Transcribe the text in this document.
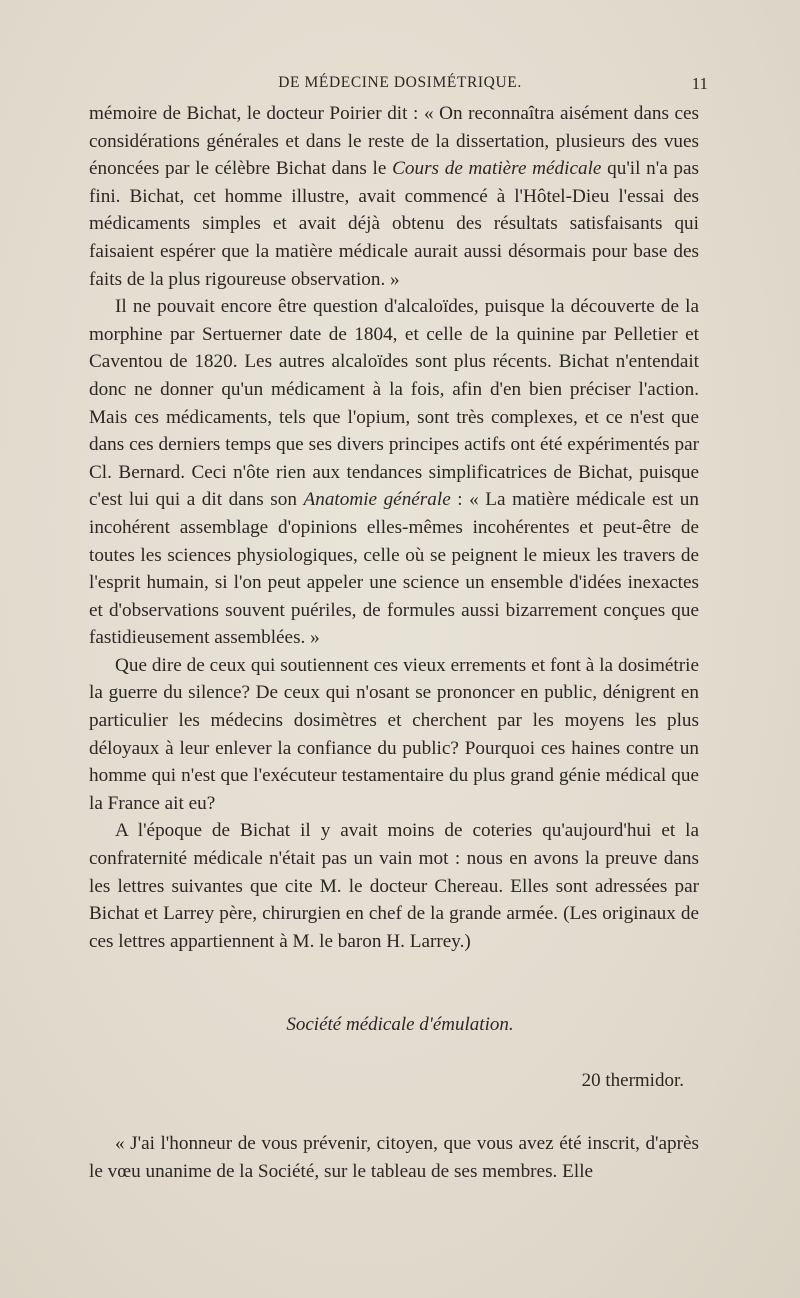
DE MÉDECINE DOSIMÉTRIQUE.	11

mémoire de Bichat, le docteur Poirier dit : « On reconnaîtra aisément dans ces considérations générales et dans le reste de la dissertation, plusieurs des vues énoncées par le célèbre Bichat dans le Cours de matière médicale qu'il n'a pas fini. Bichat, cet homme illustre, avait commencé à l'Hôtel-Dieu l'essai des médicaments simples et avait déjà obtenu des résultats satisfaisants qui faisaient espérer que la matière médicale aurait aussi désormais pour base des faits de la plus rigoureuse observation. »

Il ne pouvait encore être question d'alcaloïdes, puisque la découverte de la morphine par Sertuerner date de 1804, et celle de la quinine par Pelletier et Caventou de 1820. Les autres alcaloïdes sont plus récents. Bichat n'entendait donc ne donner qu'un médicament à la fois, afin d'en bien préciser l'action. Mais ces médicaments, tels que l'opium, sont très complexes, et ce n'est que dans ces derniers temps que ses divers principes actifs ont été expérimentés par Cl. Bernard. Ceci n'ôte rien aux tendances simplificatrices de Bichat, puisque c'est lui qui a dit dans son Anatomie générale : « La matière médicale est un incohérent assemblage d'opinions elles-mêmes incohérentes et peut-être de toutes les sciences physiologiques, celle où se peignent le mieux les travers de l'esprit humain, si l'on peut appeler une science un ensemble d'idées inexactes et d'observations souvent puériles, de formules aussi bizarrement conçues que fastidieusement assemblées. »

Que dire de ceux qui soutiennent ces vieux errements et font à la dosimétrie la guerre du silence? De ceux qui n'osant se prononcer en public, dénigrent en particulier les médecins dosimètres et cherchent par les moyens les plus déloyaux à leur enlever la confiance du public? Pourquoi ces haines contre un homme qui n'est que l'exécuteur testamentaire du plus grand génie médical que la France ait eu?

A l'époque de Bichat il y avait moins de coteries qu'aujourd'hui et la confraternité médicale n'était pas un vain mot : nous en avons la preuve dans les lettres suivantes que cite M. le docteur Chereau. Elles sont adressées par Bichat et Larrey père, chirurgien en chef de la grande armée. (Les originaux de ces lettres appartiennent à M. le baron H. Larrey.)

Société médicale d'émulation.
20 thermidor.

« J'ai l'honneur de vous prévenir, citoyen, que vous avez été inscrit, d'après le vœu unanime de la Société, sur le tableau de ses membres. Elle
